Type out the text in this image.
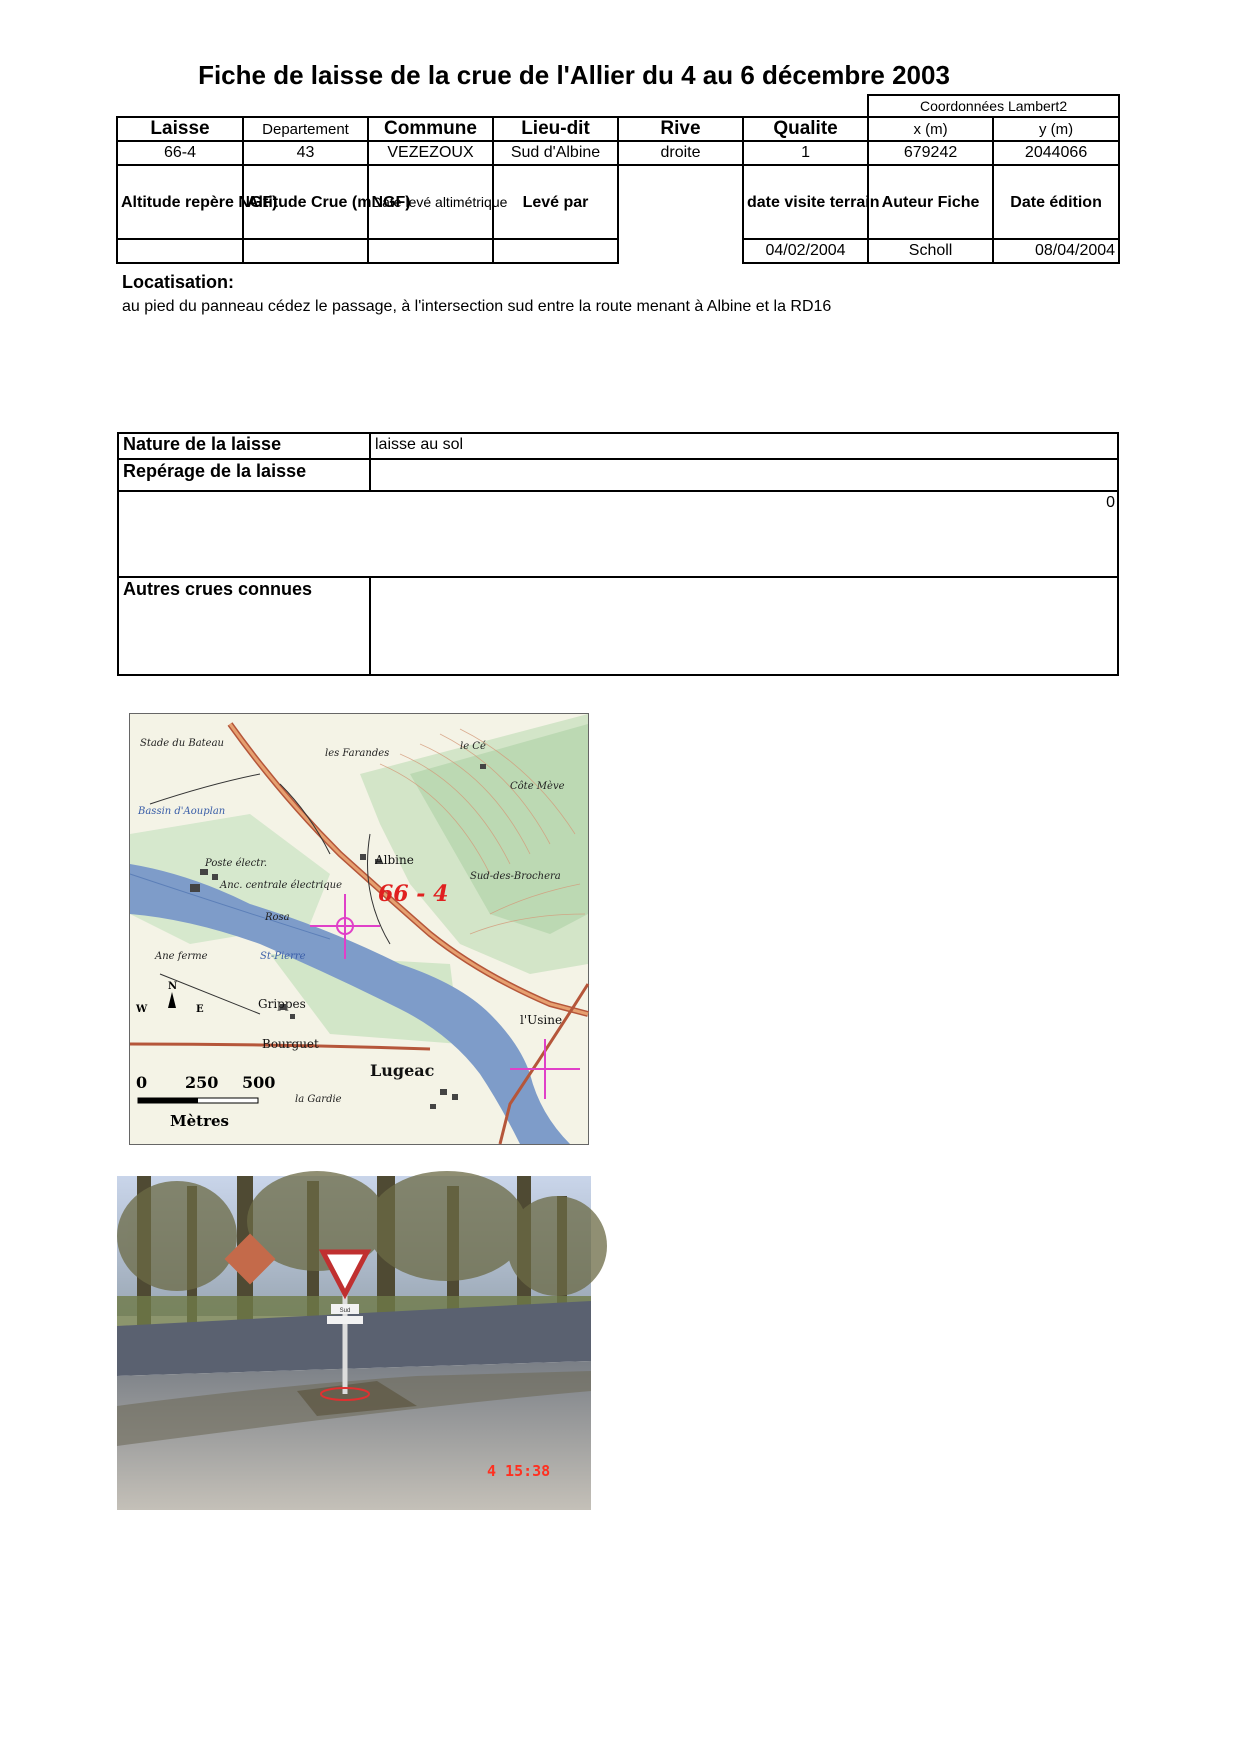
Fiche de laisse de la crue de l'Allier du 4 au 6 décembre 2003
						Coordonnées Lambert2	
Laisse	Departement	Commune	Lieu-dit	Rive	Qualite	x (m)	y (m)
66-4	43	VEZEZOUX	Sud d'Albine	droite	1	679242	2044066
Altitude repère NGF)	Altitude Crue (mNGF)	Date levé altimétrique	Levé par		date visite terrain	Auteur Fiche	Date édition
					04/02/2004	Scholl	08/04/2004
Locatisation:
au pied du panneau cédez le passage, à l'intersection sud entre la route menant à Albine et la RD16
Nature de la laisse	laisse au sol
Repérage de la laisse
0
Autres crues connues
Stade du Bateau
les Farandes
le Cé
Côte Mève
Bassin d'Aouplan
Poste électr.
Anc. centrale électrique
Rosa
St-Pierre
Ane ferme
Sud-des-Brochera
la Gardie
Albine
Grippes
Bourguet
Lugeac
l'Usine
66 - 4
N
W	E
0 250 500
Mètres
Sud
4 15:38
